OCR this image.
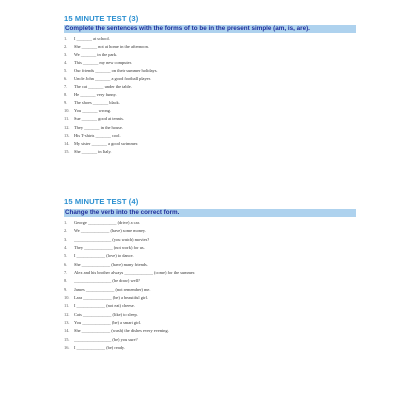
15 MINUTE TEST (3)
Complete the sentences with the forms of to be in the present simple (am, is, are).
1. I _______ at school.
2. She _______ not at home in the afternoon.
3. We _______ in the park.
4. This _______ my new computer.
5. Our friends _______ on their summer holidays.
6. Uncle John _______ a good football player.
7. The cat _______ under the table.
8. He _______ very funny.
9. The shoes _______ black.
10. You _______ wrong.
11. Sue _______ good at tennis.
12. They _______ in the house.
13. His T-shirts _______ cool.
14. My sister _______ a good swimmer.
15. She _______ in Italy.
15 MINUTE TEST (4)
Change the verb into the correct form.
1. George _____________ (drive) a car.
2. We _____________ (have) some money.
3. _________________ (you watch) movies?
4. They _____________ (not work) for us.
5. I _____________ (love) to dance.
6. She _____________ (have) many friends.
7. Alex and his brother always _____________ (come) for the summer.
8. _________________ (he draw) well?
9. James _____________ (not remember) me.
10. Lara _____________ (be) a beautiful girl.
11. I _____________ (not eat) cheese.
12. Cats _____________ (like) to sleep.
13. You _____________ (be) a smart girl.
14. She _____________ (wash) the dishes every evening.
15. _________________ (be) you sure?
16. I _____________ (be) ready.
